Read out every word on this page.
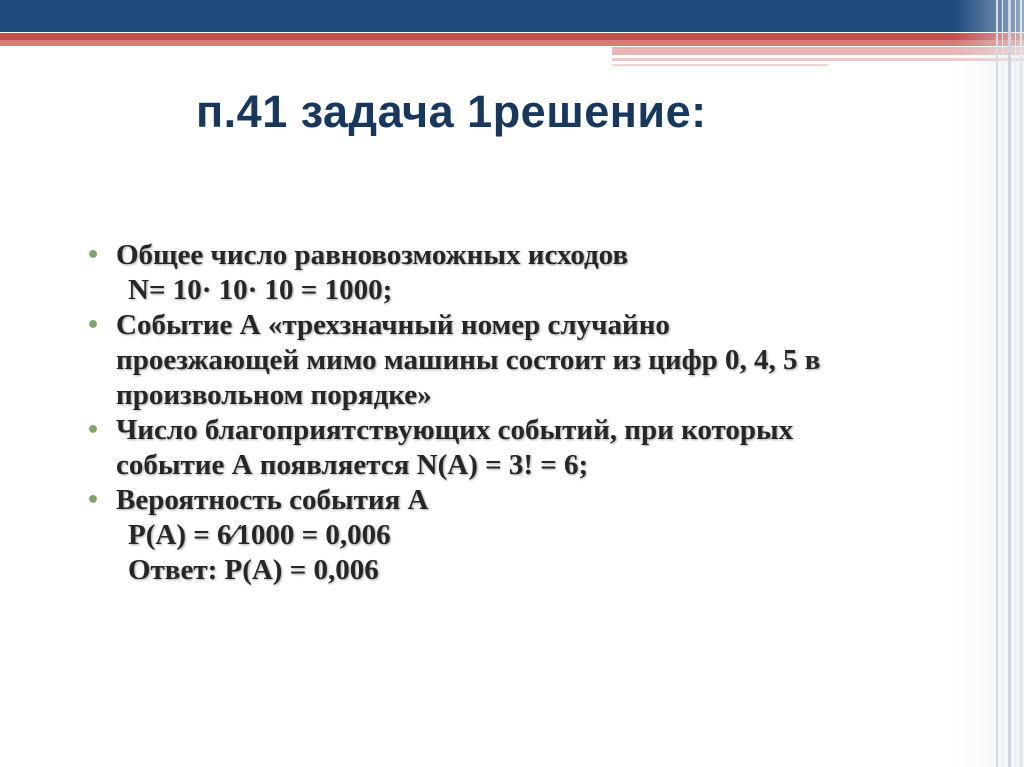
п.41 задача 1решение:
• Общее число равновозможных исходов
N= 10· 10· 10 = 1000;
• Событие А «трехзначный номер случайно
проезжающей мимо машины состоит из цифр 0, 4, 5 в
произвольном порядке»
• Число благоприятствующих событий, при которых
событие А появляется N(A) = 3! = 6;
• Вероятность события А
P(A) = 6⁄1000 = 0,006
Ответ: P(A) = 0,006
